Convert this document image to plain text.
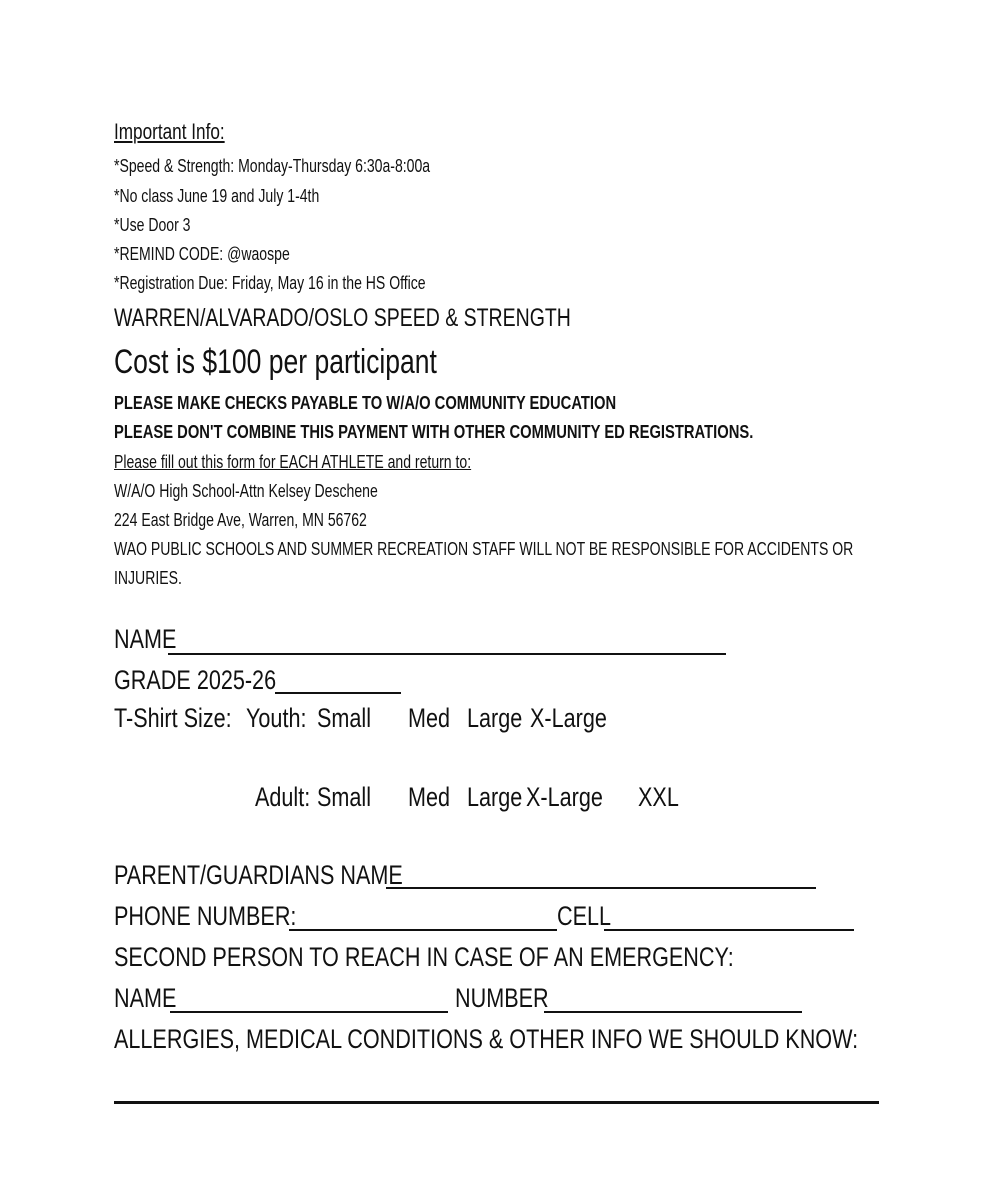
Important Info:
*Speed & Strength: Monday-Thursday 6:30a-8:00a
*No class June 19 and July 1-4th
*Use Door 3
*REMIND CODE: @waospe
*Registration Due: Friday, May 16 in the HS Office
WARREN/ALVARADO/OSLO SPEED & STRENGTH
Cost is $100 per participant
PLEASE MAKE CHECKS PAYABLE TO W/A/O COMMUNITY EDUCATION
PLEASE DON'T COMBINE THIS PAYMENT WITH OTHER COMMUNITY ED REGISTRATIONS.
Please fill out this form for EACH ATHLETE and return to:
W/A/O High School-Attn Kelsey Deschene
224 East Bridge Ave, Warren, MN 56762
WAO PUBLIC SCHOOLS AND SUMMER RECREATION STAFF WILL NOT BE RESPONSIBLE FOR ACCIDENTS OR
INJURIES.
NAME
GRADE 2025-26
T-Shirt Size: Youth: Small Med Large X-Large
Adult: Small Med Large X-Large XXL
PARENT/GUARDIANS NAME
PHONE NUMBER:	CELL
SECOND PERSON TO REACH IN CASE OF AN EMERGENCY:
NAME	NUMBER
ALLERGIES, MEDICAL CONDITIONS & OTHER INFO WE SHOULD KNOW:
